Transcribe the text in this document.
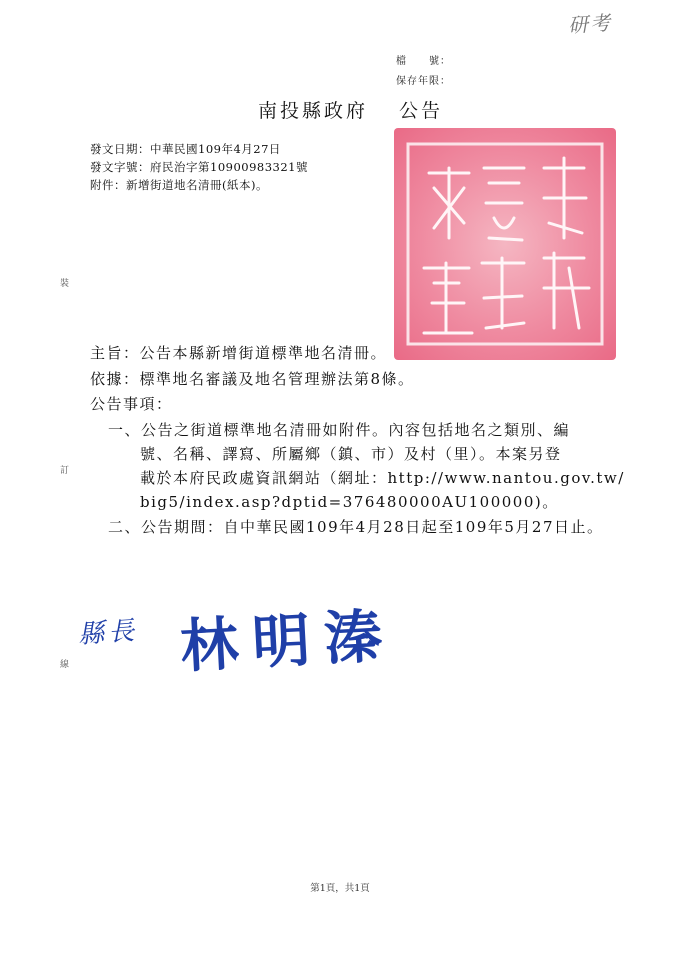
研考
檔　　號：
保存年限：
南投縣政府　 公告
發文日期：中華民國109年4月27日
發文字號：府民治字第10900983321號
附件：新增街道地名清冊(紙本)。
裝
訂
線
主旨：公告本縣新增街道標準地名清冊。
依據：標準地名審議及地名管理辦法第8條。
公告事項：
一、公告之街道標準地名清冊如附件。內容包括地名之類別、編
號、名稱、譯寫、所屬鄉（鎮、市）及村（里）。本案另登
載於本府民政處資訊網站（網址：http://www.nantou.gov.tw/
big5/index.asp?dptid=376480000AU100000)。
二、公告期間：自中華民國109年4月28日起至109年5月27日止。
縣長 林明溱
第1頁，共1頁
